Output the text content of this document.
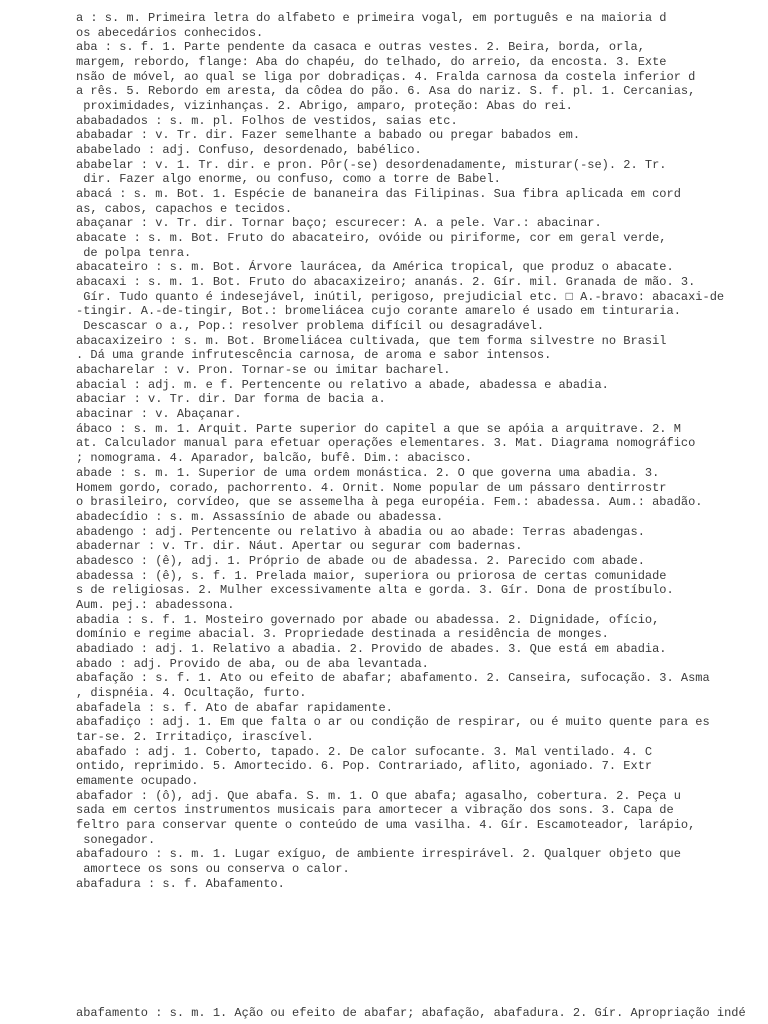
a : s. m. Primeira letra do alfabeto e primeira vogal, em português e na maioria d
os abecedários conhecidos.
aba : s. f. 1. Parte pendente da casaca e outras vestes. 2. Beira, borda, orla,
margem, rebordo, flange: Aba do chapéu, do telhado, do arreio, da encosta. 3. Exte
nsão de móvel, ao qual se liga por dobradiças. 4. Fralda carnosa da costela inferior d
a rês. 5. Rebordo em aresta, da côdea do pão. 6. Asa do nariz. S. f. pl. 1. Cercanias,
proximidades, vizinhanças. 2. Abrigo, amparo, proteção: Abas do rei.
ababadados : s. m. pl. Folhos de vestidos, saias etc.
ababadar : v. Tr. dir. Fazer semelhante a babado ou pregar babados em.
ababelado : adj. Confuso, desordenado, babélico.
ababelar : v. 1. Tr. dir. e pron. Pôr(-se) desordenadamente, misturar(-se). 2. Tr.
dir. Fazer algo enorme, ou confuso, como a torre de Babel.
abacá : s. m. Bot. 1. Espécie de bananeira das Filipinas. Sua fibra aplicada em cord
as, cabos, capachos e tecidos.
abaçanar : v. Tr. dir. Tornar baço; escurecer: A. a pele. Var.: abacinar.
abacate : s. m. Bot. Fruto do abacateiro, ovóide ou piriforme, cor em geral verde,
de polpa tenra.
abacateiro : s. m. Bot. Árvore laurácea, da América tropical, que produz o abacate.
abacaxi : s. m. 1. Bot. Fruto do abacaxizeiro; ananás. 2. Gír. mil. Granada de mão. 3.
Gír. Tudo quanto é indesejável, inútil, perigoso, prejudicial etc. □ A.-bravo: abacaxi-de
-tingir. A.-de-tingir, Bot.: bromeliácea cujo corante amarelo é usado em tinturaria.
Descascar o a., Pop.: resolver problema difícil ou desagradável.
abacaxizeiro : s. m. Bot. Bromeliácea cultivada, que tem forma silvestre no Brasil
. Dá uma grande infrutescência carnosa, de aroma e sabor intensos.
abacharelar : v. Pron. Tornar-se ou imitar bacharel.
abacial : adj. m. e f. Pertencente ou relativo a abade, abadessa e abadia.
abaciar : v. Tr. dir. Dar forma de bacia a.
abacinar : v. Abaçanar.
ábaco : s. m. 1. Arquit. Parte superior do capitel a que se apóia a arquitrave. 2. M
at. Calculador manual para efetuar operações elementares. 3. Mat. Diagrama nomográfico
; nomograma. 4. Aparador, balcão, bufê. Dim.: abacisco.
abade : s. m. 1. Superior de uma ordem monástica. 2. O que governa uma abadia. 3.
Homem gordo, corado, pachorrento. 4. Ornit. Nome popular de um pássaro dentirrostr
o brasileiro, corvídeo, que se assemelha à pega européia. Fem.: abadessa. Aum.: abadão.
abadecídio : s. m. Assassínio de abade ou abadessa.
abadengo : adj. Pertencente ou relativo à abadia ou ao abade: Terras abadengas.
abadernar : v. Tr. dir. Náut. Apertar ou segurar com badernas.
abadesco : (ê), adj. 1. Próprio de abade ou de abadessa. 2. Parecido com abade.
abadessa : (ê), s. f. 1. Prelada maior, superiora ou priorosa de certas comunidade
s de religiosas. 2. Mulher excessivamente alta e gorda. 3. Gír. Dona de prostíbulo.
Aum. pej.: abadessona.
abadia : s. f. 1. Mosteiro governado por abade ou abadessa. 2. Dignidade, ofício,
domínio e regime abacial. 3. Propriedade destinada a residência de monges.
abadiado : adj. 1. Relativo a abadia. 2. Provido de abades. 3. Que está em abadia.
abado : adj. Provido de aba, ou de aba levantada.
abafação : s. f. 1. Ato ou efeito de abafar; abafamento. 2. Canseira, sufocação. 3. Asma
, dispnéia. 4. Ocultação, furto.
abafadela : s. f. Ato de abafar rapidamente.
abafadiço : adj. 1. Em que falta o ar ou condição de respirar, ou é muito quente para es
tar-se. 2. Irritadiço, irascível.
abafado : adj. 1. Coberto, tapado. 2. De calor sufocante. 3. Mal ventilado. 4. C
ontido, reprimido. 5. Amortecido. 6. Pop. Contrariado, aflito, agoniado. 7. Extr
emamente ocupado.
abafador : (ô), adj. Que abafa. S. m. 1. O que abafa; agasalho, cobertura. 2. Peça u
sada em certos instrumentos musicais para amortecer a vibração dos sons. 3. Capa de
feltro para conservar quente o conteúdo de uma vasilha. 4. Gír. Escamoteador, larápio,
sonegador.
abafadouro : s. m. 1. Lugar exíguo, de ambiente irrespirável. 2. Qualquer objeto que
amortece os sons ou conserva o calor.
abafadura : s. f. Abafamento.
abafamento : s. m. 1. Ação ou efeito de abafar; abafação, abafadura. 2. Gír. Apropriação indé
